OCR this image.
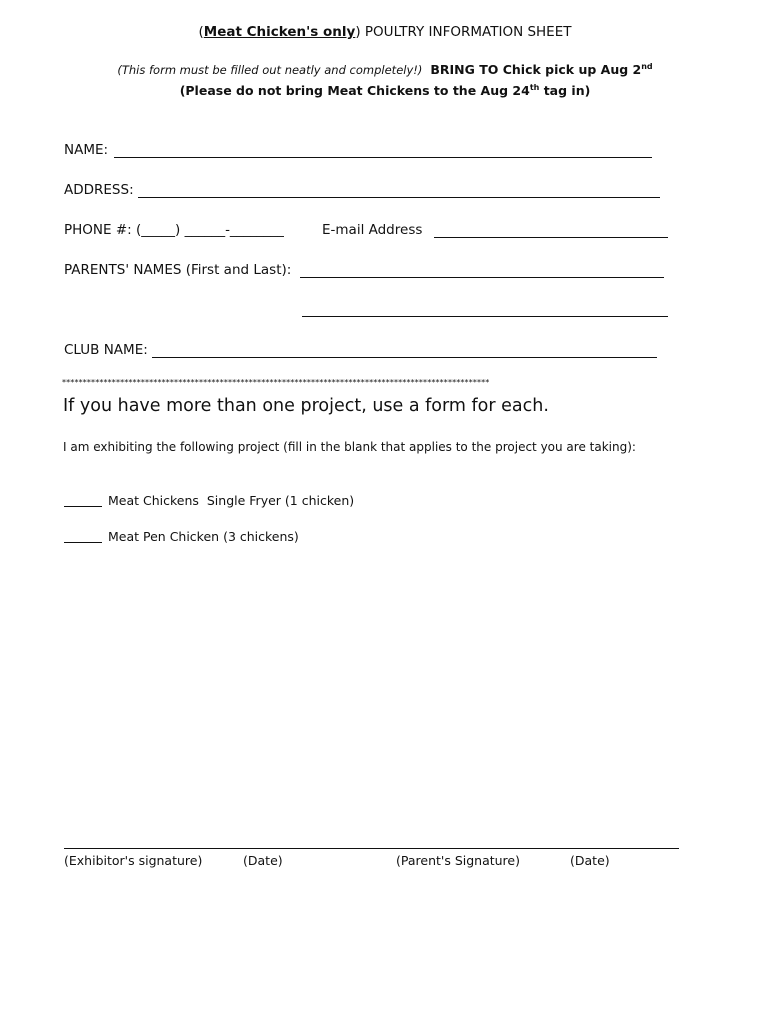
(Meat Chicken's only) POULTRY INFORMATION SHEET
(This form must be filled out neatly and completely!) BRING TO Chick pick up Aug 2nd
(Please do not bring Meat Chickens to the Aug 24th tag in)
NAME:
ADDRESS:
PHONE #: (_____) ______-________	E-mail Address
PARENTS' NAMES (First and Last):
CLUB NAME:
*******************************************************************************************************
If you have more than one project, use a form for each.
I am exhibiting the following project (fill in the blank that applies to the project you are taking):
Meat Chickens  Single Fryer (1 chicken)
Meat Pen Chicken (3 chickens)
(Exhibitor's signature)	(Date)	(Parent's Signature)	(Date)
